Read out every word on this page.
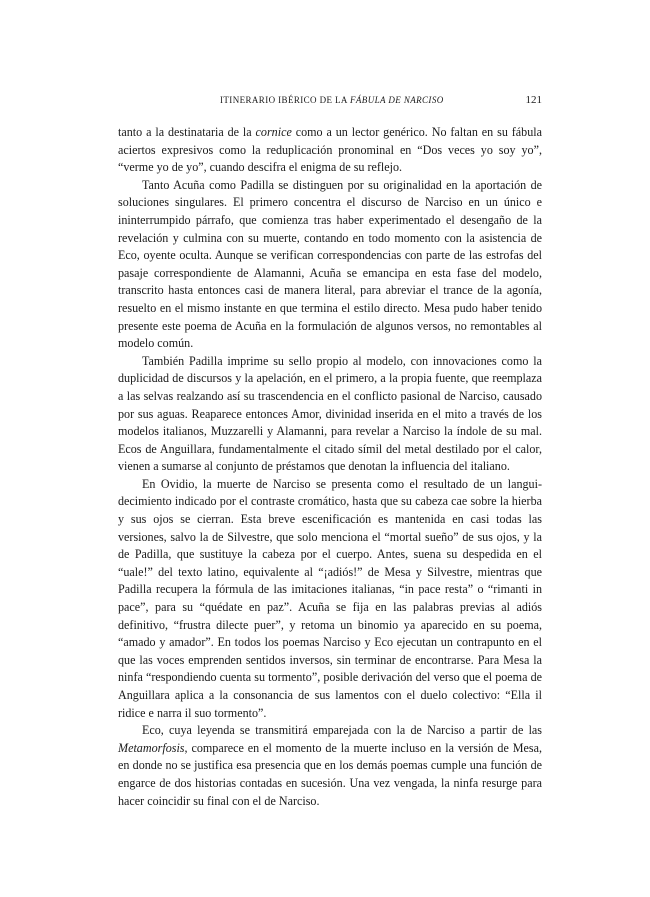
ITINERARIO IBÉRICO DE LA FÁBULA DE NARCISO	121

tanto a la destinataria de la cornice como a un lector genérico. No faltan en su fábula aciertos expresivos como la reduplicación pronominal en “Dos veces yo soy yo”, “verme yo de yo”, cuando descifra el enigma de su reflejo.

Tanto Acuña como Padilla se distinguen por su originalidad en la aportación de soluciones singulares. El primero concentra el discurso de Narciso en un único e ininterrumpido párrafo, que comienza tras haber experimentado el desengaño de la revelación y culmina con su muerte, contando en todo momento con la asistencia de Eco, oyente oculta. Aunque se verifican correspondencias con parte de las estrofas del pasaje correspondiente de Alamanni, Acuña se emancipa en esta fase del modelo, transcrito hasta entonces casi de manera literal, para abreviar el trance de la agonía, resuelto en el mismo instante en que termina el estilo directo. Mesa pudo haber tenido presente este poema de Acuña en la formulación de algunos versos, no remontables al modelo común.

También Padilla imprime su sello propio al modelo, con innovaciones como la duplicidad de discursos y la apelación, en el primero, a la propia fuente, que reemplaza a las selvas realzando así su trascendencia en el conflicto pasional de Narciso, causado por sus aguas. Reaparece entonces Amor, divinidad inserida en el mito a través de los modelos italianos, Muzzarelli y Alamanni, para revelar a Narciso la índole de su mal. Ecos de Anguillara, fundamentalmente el citado símil del metal destilado por el calor, vienen a sumarse al conjunto de préstamos que denotan la influencia del italiano.

En Ovidio, la muerte de Narciso se presenta como el resultado de un languidecimiento indicado por el contraste cromático, hasta que su cabeza cae sobre la hierba y sus ojos se cierran. Esta breve escenificación es mantenida en casi todas las versiones, salvo la de Silvestre, que solo menciona el “mortal sueño” de sus ojos, y la de Padilla, que sustituye la cabeza por el cuerpo. Antes, suena su despedida en el “uale!” del texto latino, equivalente al “¡adiós!” de Mesa y Silvestre, mientras que Padilla recupera la fórmula de las imitaciones italianas, “in pace resta” o “rimanti in pace”, para su “quédate en paz”. Acuña se fija en las palabras previas al adiós definitivo, “frustra dilecte puer”, y retoma un binomio ya aparecido en su poema, “amado y amador”. En todos los poemas Narciso y Eco ejecutan un contrapunto en el que las voces emprenden sentidos inversos, sin terminar de encontrarse. Para Mesa la ninfa “respondiendo cuenta su tormento”, posible derivación del verso que el poema de Anguillara aplica a la consonancia de sus lamentos con el duelo colectivo: “Ella il ridice e narra il suo tormento”.

Eco, cuya leyenda se transmitirá emparejada con la de Narciso a partir de las Metamorfosis, comparece en el momento de la muerte incluso en la versión de Mesa, en donde no se justifica esa presencia que en los demás poemas cumple una función de engarce de dos historias contadas en sucesión. Una vez vengada, la ninfa resurge para hacer coincidir su final con el de Narciso.
